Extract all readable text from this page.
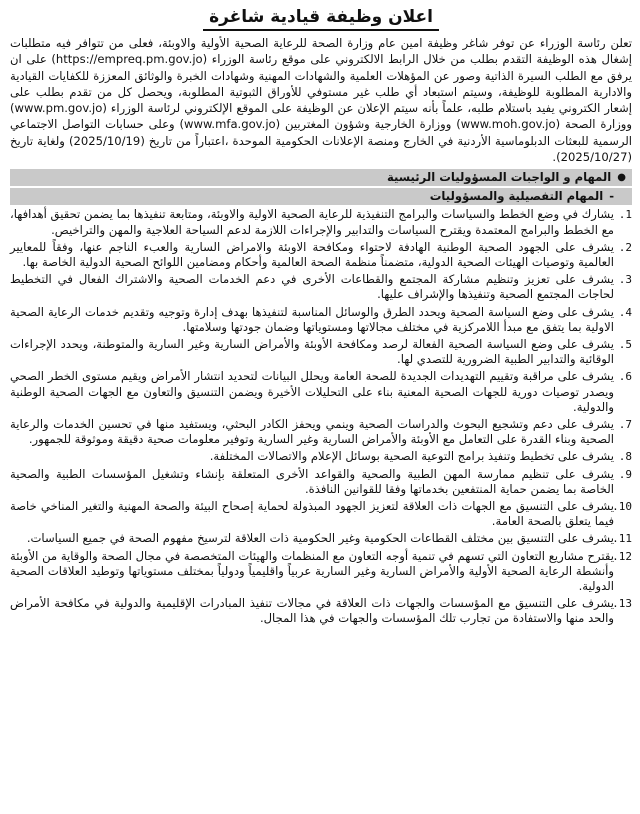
اعلان وظيفة قيادية شاغرة

تعلن رئاسة الوزراء عن توفر شاغر وظيفة امين عام وزارة الصحة للرعاية الصحية الأولية والاوبئة، فعلى من تتوافر فيه متطلبات إشغال هذه الوظيفة التقدم بطلب من خلال الرابط الالكتروني على موقع رئاسة الوزراء (https://empreq.pm.gov.jo) على ان يرفق مع الطلب السيرة الذاتية وصور عن المؤهلات العلمية والشهادات المهنية وشهادات الخبرة والوثائق المعززة للكفايات القيادية والادارية المطلوبة للوظيفة، وسيتم استبعاد أي طلب غير مستوفي للأوراق الثبوتية المطلوبة، ويحصل كل من تقدم بطلب على إشعار الكتروني يفيد باستلام طلبه، علماً بأنه سيتم الإعلان عن الوظيفة على الموقع الإلكتروني لرئاسة الوزراء (www.pm.gov.jo) ووزارة الصحة (www.moh.gov.jo) ووزارة الخارجية وشؤون المغتربين (www.mfa.gov.jo) وعلى حسابات التواصل الاجتماعي الرسمية للبعثات الدبلوماسية الأردنية في الخارج ومنصة الإعلانات الحكومية الموحدة ،اعتباراً من تاريخ (2025/10/19) ولغاية تاريخ (2025/10/27).

●
المهام و الواجبات المسؤوليات الرئيسية
-
المهام التفصيلية والمسؤوليات
1.
يشارك في وضع الخطط والسياسات والبرامج التنفيذية للرعاية الصحية الاولية والاوبئة، ومتابعة تنفيذها بما يضمن تحقيق أهدافها، مع الخطط والبرامج المعتمدة ويقترح السياسات والتدابير والإجراءات اللازمة لدعم السياحة العلاجية والمهن والتراخيص.
2.
يشرف على الجهود الصحية الوطنية الهادفة لاحتواء ومكافحة الاوبئة والامراض السارية والعبء الناجم عنها، وفقاً للمعايير العالمية وتوصيات الهيئات الصحية الدولية، متضمناً منظمة الصحة العالمية وأحكام ومضامين اللوائح الصحية الدولية الخاصة بها.
3.
يشرف على تعزيز وتنظيم مشاركة المجتمع والقطاعات الأخرى في دعم الخدمات الصحية والاشتراك الفعال في التخطيط لحاجات المجتمع الصحية وتنفيذها والإشراف عليها.
4.
يشرف على وضع السياسة الصحية ويحدد الطرق والوسائل المناسبة لتنفيذها بهدف إدارة وتوجيه وتقديم خدمات الرعاية الصحية الاولية بما يتفق مع مبدأ اللامركزية في مختلف مجالاتها ومستوياتها وضمان جودتها وسلامتها.
5.
يشرف على وضع السياسة الصحية الفعالة لرصد ومكافحة الأوبئة والأمراض السارية وغير السارية والمتوطنة، ويحدد الإجراءات الوقائية والتدابير الطبية الضرورية للتصدي لها.
6.
يشرف على مراقبة وتقييم التهديدات الجديدة للصحة العامة ويحلل البيانات لتحديد انتشار الأمراض ويقيم مستوى الخطر الصحي ويصدر توصيات دورية للجهات الصحية المعنية بناء على التحليلات الأخيرة ويضمن التنسيق والتعاون مع الجهات الصحية الوطنية والدولية.
7.
يشرف على دعم وتشجيع البحوث والدراسات الصحية وينمي ويحفز الكادر البحثي، ويستفيد منها في تحسين الخدمات والرعاية الصحية وبناء القدرة على التعامل مع الأوبئة والأمراض السارية وغير السارية وتوفير معلومات صحية دقيقة وموثوقة للجمهور.
8.
يشرف على تخطيط وتنفيذ برامج التوعية الصحية بوسائل الإعلام والاتصالات المختلفة.
9.
يشرف على تنظيم ممارسة المهن الطبية والصحية والقواعد الأخرى المتعلقة بإنشاء وتشغيل المؤسسات الطبية والصحية الخاصة بما يضمن حماية المنتفعين بخدماتها وفقا للقوانين النافذة.
10.
يشرف على التنسيق مع الجهات ذات العلاقة لتعزيز الجهود المبذولة لحماية إصحاح البيئة والصحة المهنية والتغير المناخي خاصة فيما يتعلق بالصحة العامة.
11.
يشرف على التنسيق بين مختلف القطاعات الحكومية وغير الحكومية ذات العلاقة لترسيخ مفهوم الصحة في جميع السياسات.
12.
يقترح مشاريع التعاون التي تسهم في تنمية أوجه التعاون مع المنظمات والهيئات المتخصصة في مجال الصحة والوقاية من الأوبئة وأنشطة الرعاية الصحية الأولية والأمراض السارية وغير السارية عربياً واقليمياً ودولياً بمختلف مستوياتها وتوطيد العلاقات الصحية الدولية.
13.
يشرف على التنسيق مع المؤسسات والجهات ذات العلاقة في مجالات تنفيذ المبادرات الإقليمية والدولية في مكافحة الأمراض والحد منها والاستفادة من تجارب تلك المؤسسات والجهات في هذا المجال.
